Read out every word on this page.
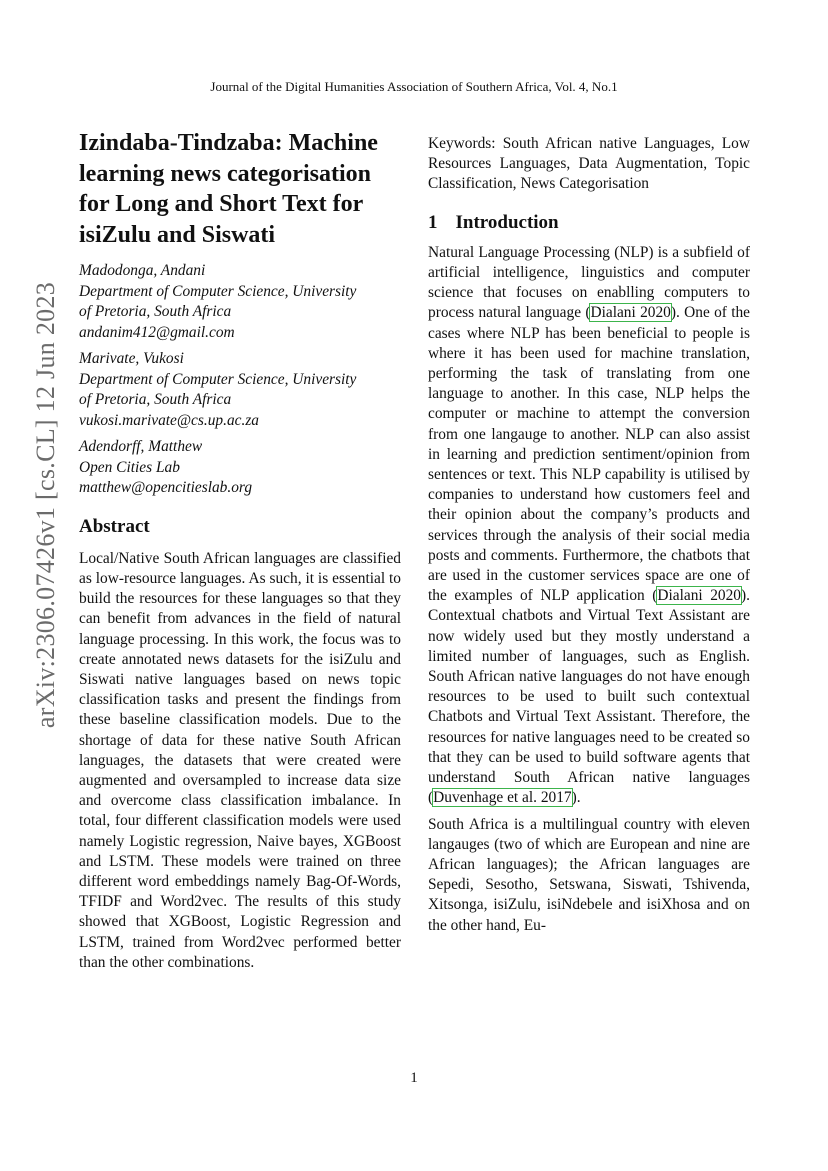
Journal of the Digital Humanities Association of Southern Africa, Vol. 4, No.1
arXiv:2306.07426v1 [cs.CL] 12 Jun 2023
Izindaba-Tindzaba: Machine learning news categorisation for Long and Short Text for isiZulu and Siswati
Madodonga, Andani
Department of Computer Science, University
of Pretoria, South Africa
andanim412@gmail.com
Marivate, Vukosi
Department of Computer Science, University
of Pretoria, South Africa
vukosi.marivate@cs.up.ac.za
Adendorff, Matthew
Open Cities Lab
matthew@opencitieslab.org
Abstract

Local/Native South African languages are classified as low-resource languages. As such, it is essential to build the resources for these languages so that they can benefit from advances in the field of natural language processing. In this work, the focus was to create annotated news datasets for the isiZulu and Siswati native languages based on news topic classification tasks and present the findings from these baseline classification models. Due to the shortage of data for these native South African languages, the datasets that were created were augmented and oversampled to increase data size and overcome class classification imbalance. In total, four different classification models were used namely Logistic regression, Naive bayes, XGBoost and LSTM. These models were trained on three different word embeddings namely Bag-Of-Words, TFIDF and Word2vec. The results of this study showed that XGBoost, Logistic Regression and LSTM, trained from Word2vec performed better than the other combinations.

Keywords: South African native Languages, Low Resources Languages, Data Augmentation, Topic Classification, News Categorisation

1 Introduction

Natural Language Processing (NLP) is a subfield of artificial intelligence, linguistics and computer science that focuses on enablling computers to process natural language (Dialani 2020). One of the cases where NLP has been beneficial to people is where it has been used for machine translation, performing the task of translating from one language to another. In this case, NLP helps the computer or machine to attempt the conversion from one langauge to another. NLP can also assist in learning and prediction sentiment/opinion from sentences or text. This NLP capability is utilised by companies to understand how customers feel and their opinion about the company’s products and services through the analysis of their social media posts and comments. Furthermore, the chatbots that are used in the customer services space are one of the examples of NLP application (Dialani 2020). Contextual chatbots and Virtual Text Assistant are now widely used but they mostly understand a limited number of languages, such as English. South African native languages do not have enough resources to be used to built such contextual Chatbots and Virtual Text Assistant. Therefore, the resources for native languages need to be created so that they can be used to build software agents that understand South African native languages (Duvenhage et al. 2017).

South Africa is a multilingual country with eleven langauges (two of which are European and nine are African languages); the African languages are Sepedi, Sesotho, Setswana, Siswati, Tshivenda, Xitsonga, isiZulu, isiNdebele and isiXhosa and on the other hand, Eu-

1
